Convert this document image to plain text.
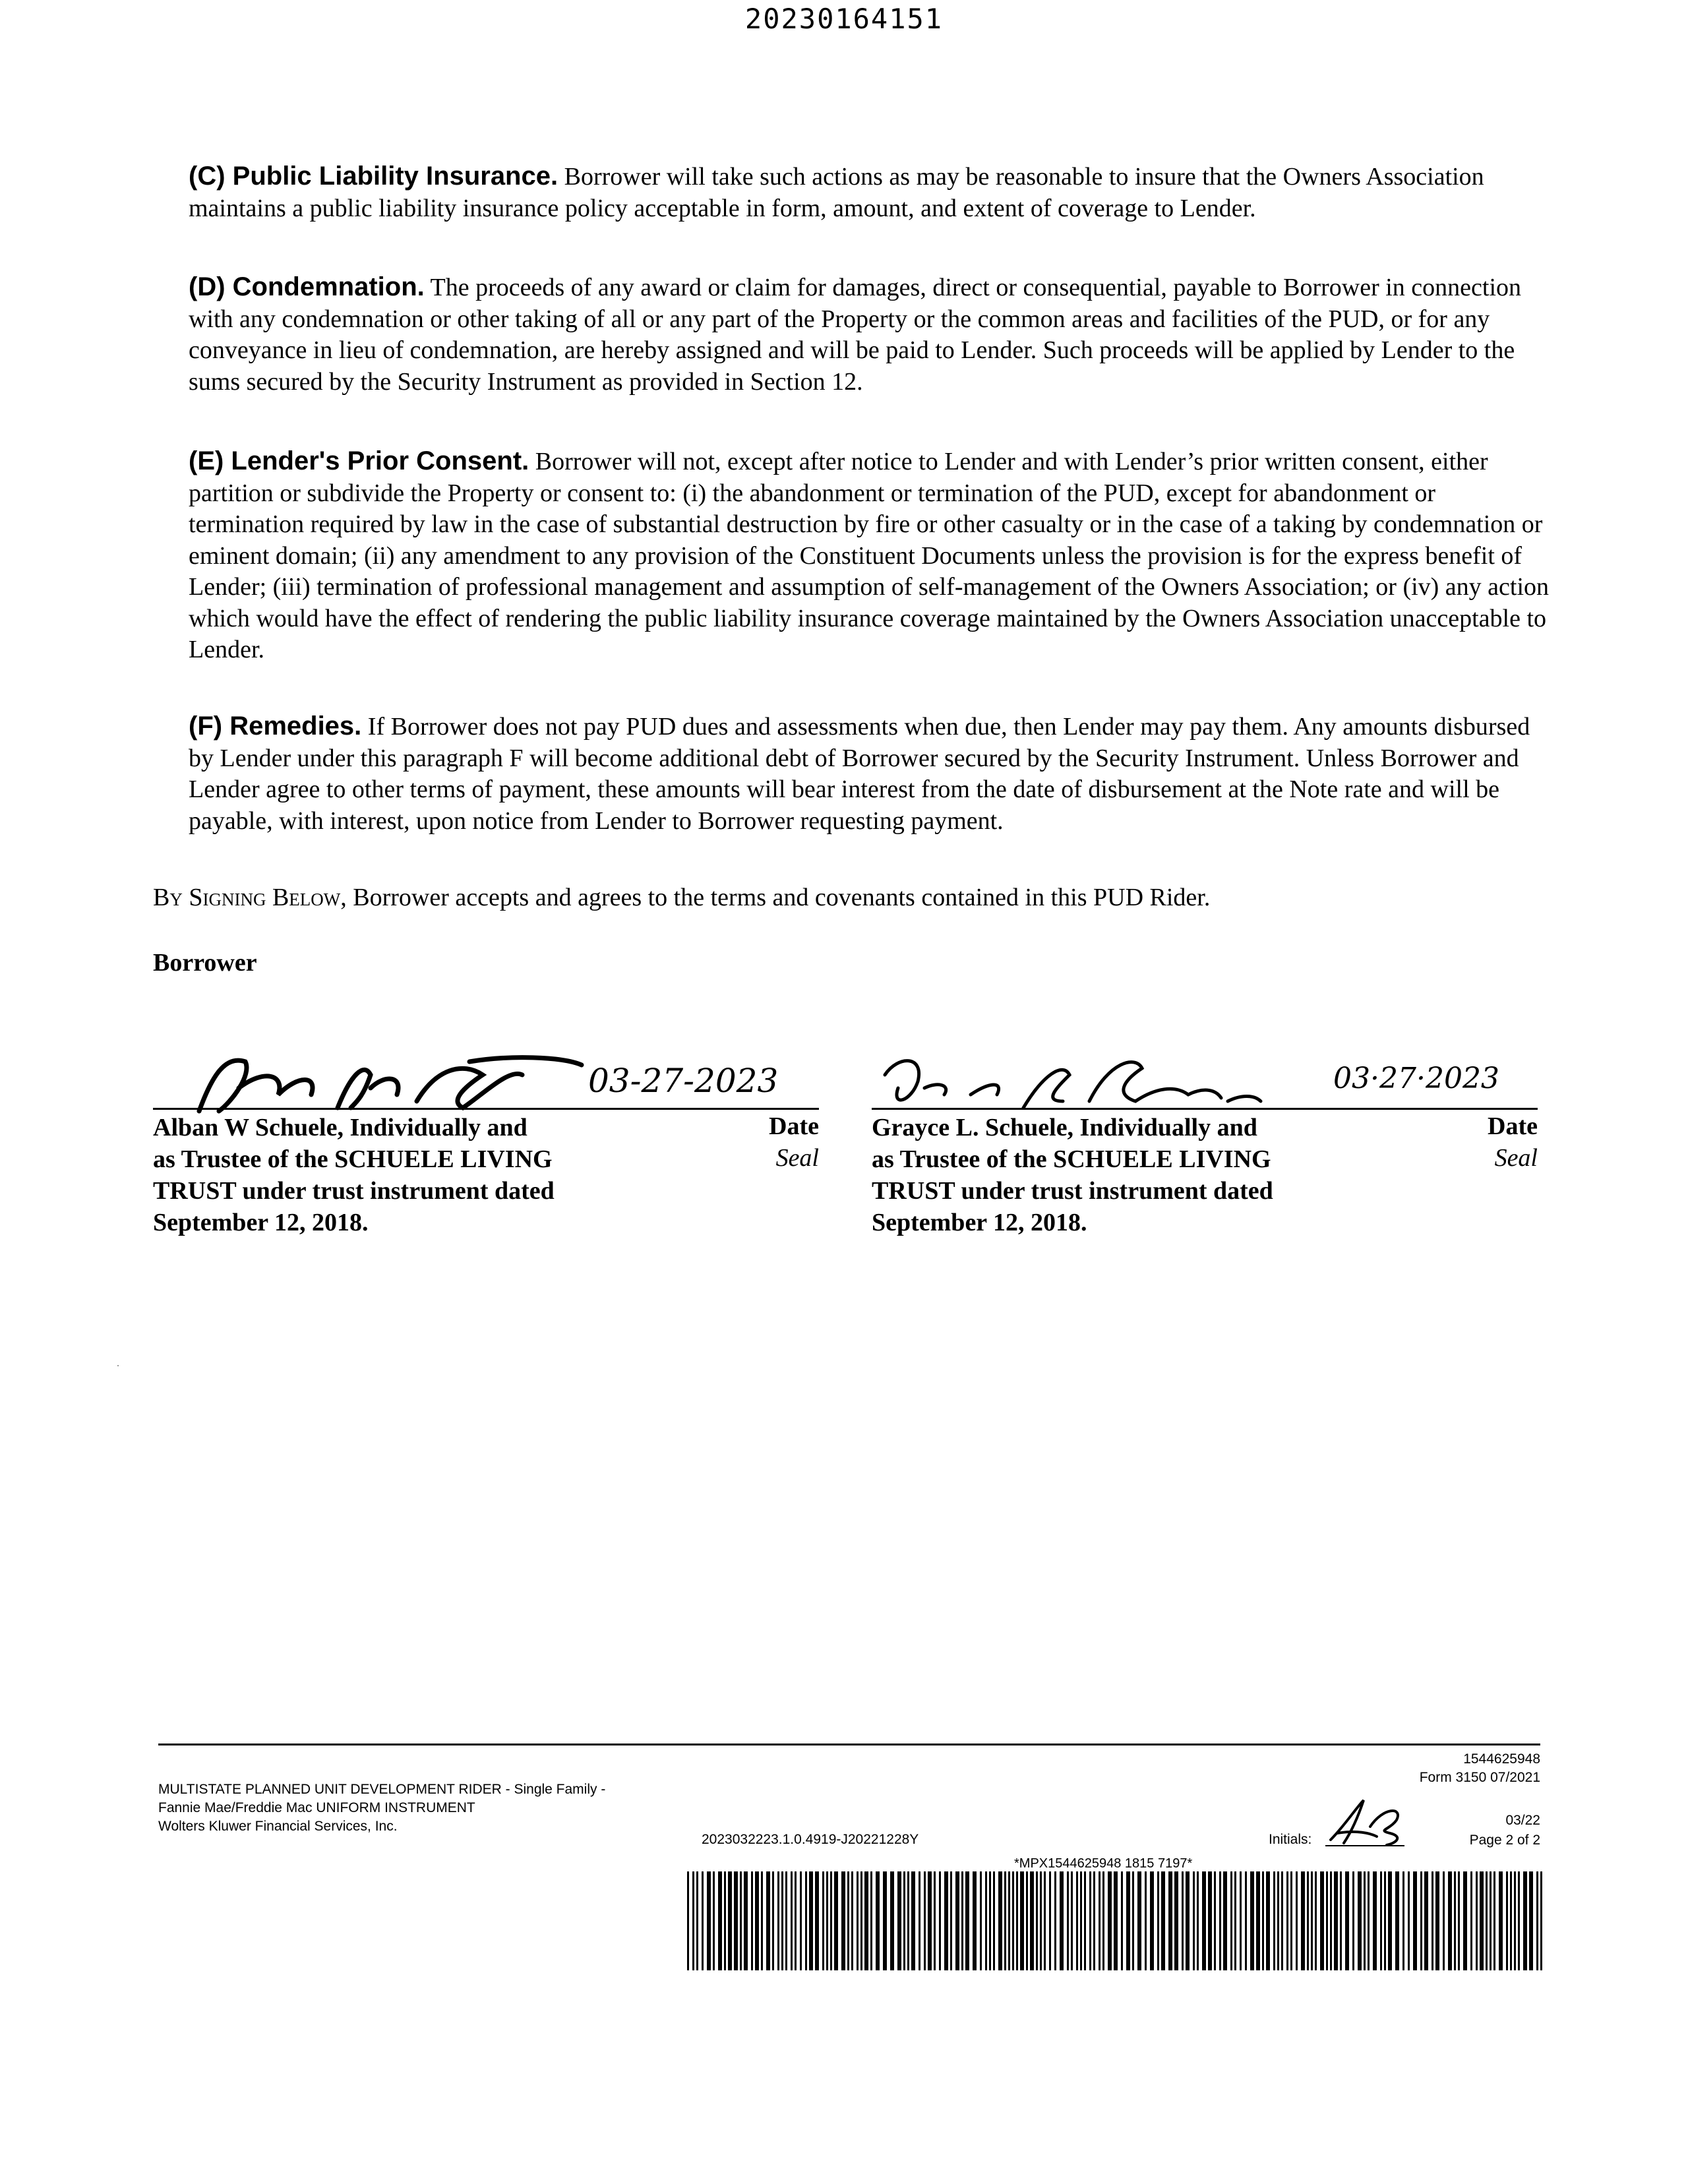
20230164151
(C) Public Liability Insurance. Borrower will take such actions as may be reasonable to insure that the Owners Association maintains a public liability insurance policy acceptable in form, amount, and extent of coverage to Lender.
(D) Condemnation. The proceeds of any award or claim for damages, direct or consequential, payable to Borrower in connection with any condemnation or other taking of all or any part of the Property or the common areas and facilities of the PUD, or for any conveyance in lieu of condemnation, are hereby assigned and will be paid to Lender. Such proceeds will be applied by Lender to the sums secured by the Security Instrument as provided in Section 12.
(E) Lender's Prior Consent. Borrower will not, except after notice to Lender and with Lender’s prior written consent, either partition or subdivide the Property or consent to: (i) the abandonment or termination of the PUD, except for abandonment or termination required by law in the case of substantial destruction by fire or other casualty or in the case of a taking by condemnation or eminent domain; (ii) any amendment to any provision of the Constituent Documents unless the provision is for the express benefit of Lender; (iii) termination of professional management and assumption of self-management of the Owners Association; or (iv) any action which would have the effect of rendering the public liability insurance coverage maintained by the Owners Association unacceptable to Lender.
(F) Remedies. If Borrower does not pay PUD dues and assessments when due, then Lender may pay them. Any amounts disbursed by Lender under this paragraph F will become additional debt of Borrower secured by the Security Instrument. Unless Borrower and Lender agree to other terms of payment, these amounts will bear interest from the date of disbursement at the Note rate and will be payable, with interest, upon notice from Lender to Borrower requesting payment.
By Signing Below, Borrower accepts and agrees to the terms and covenants contained in this PUD Rider.
Borrower
03-27-2023
Alban W Schuele, Individually and
as Trustee of the SCHUELE LIVING
TRUST under trust instrument dated
September 12, 2018.
Date
Seal
03·27·2023
Grayce L. Schuele, Individually and
as Trustee of the SCHUELE LIVING
TRUST under trust instrument dated
September 12, 2018.
Date
Seal
MULTISTATE PLANNED UNIT DEVELOPMENT RIDER - Single Family -
Fannie Mae/Freddie Mac UNIFORM INSTRUMENT
Wolters Kluwer Financial Services, Inc.
1544625948
Form 3150 07/2021
2023032223.1.0.4919-J20221228Y	Initials:
03/22
Page 2 of 2
*MPX1544625948 1815 7197*
